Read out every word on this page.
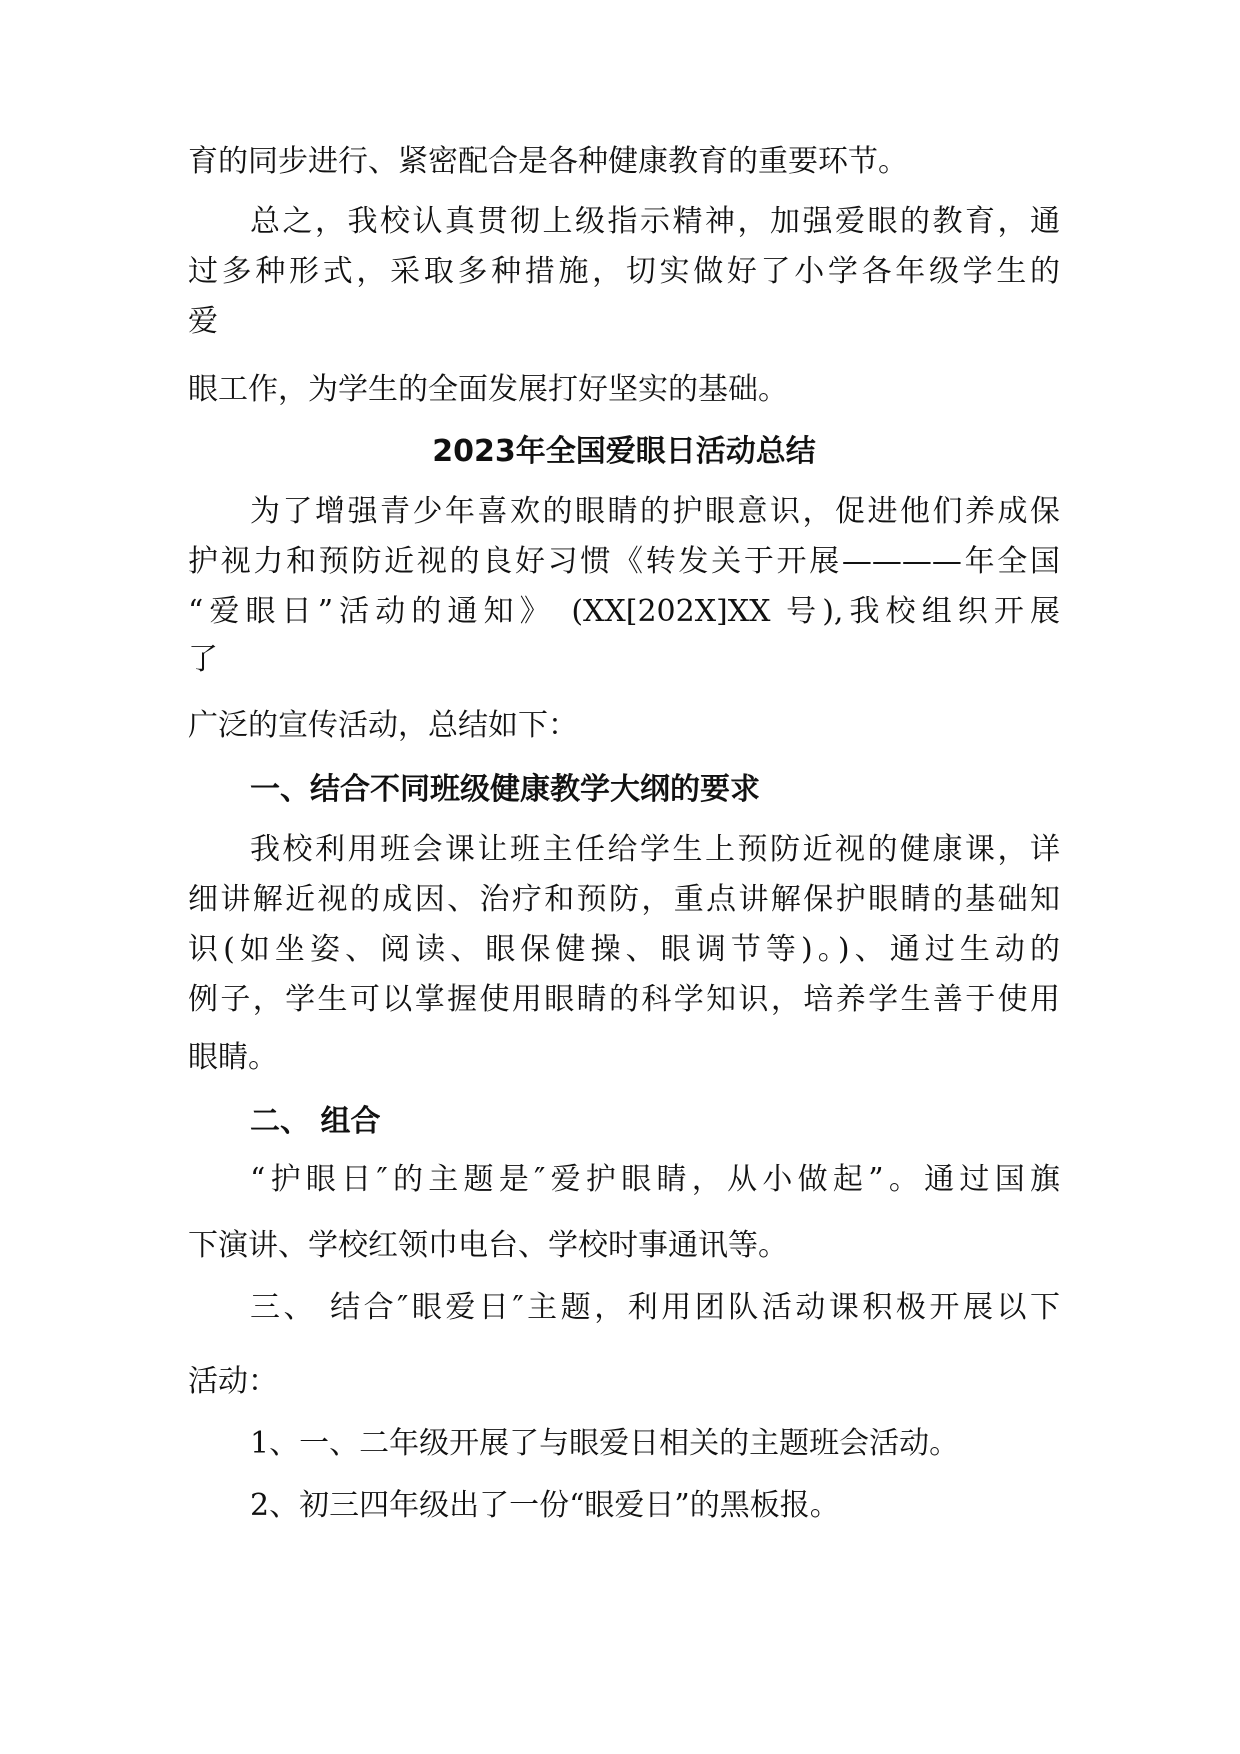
育的同步进行、紧密配合是各种健康教育的重要环节。
总之，我校认真贯彻上级指示精神，加强爱眼的教育，通
过多种形式，采取多种措施，切实做好了小学各年级学生的
爱
眼工作，为学生的全面发展打好坚实的基础。
2023年全国爱眼日活动总结
为了增强青少年喜欢的眼睛的护眼意识，促进他们养成保
护视力和预防近视的良好习惯《转发关于开展————年全国
“爱眼日”活动的通知》 (XX[202X]XX 号),我校组织开展
了
广泛的宣传活动，总结如下：
一、结合不同班级健康教学大纲的要求
我校利用班会课让班主任给学生上预防近视的健康课，详
细讲解近视的成因、治疗和预防，重点讲解保护眼睛的基础知
识(如坐姿、阅读、眼保健操、眼调节等)。)、通过生动的
例子，学生可以掌握使用眼睛的科学知识，培养学生善于使用
眼睛。
二、 组合
“护眼日″的主题是″爱护眼睛，从小做起”。通过国旗
下演讲、学校红领巾电台、学校时事通讯等。
三、 结合″眼爱日″主题，利用团队活动课积极开展以下
活动：
1、一、二年级开展了与眼爱日相关的主题班会活动。
2、初三四年级出了一份“眼爱日”的黑板报。
